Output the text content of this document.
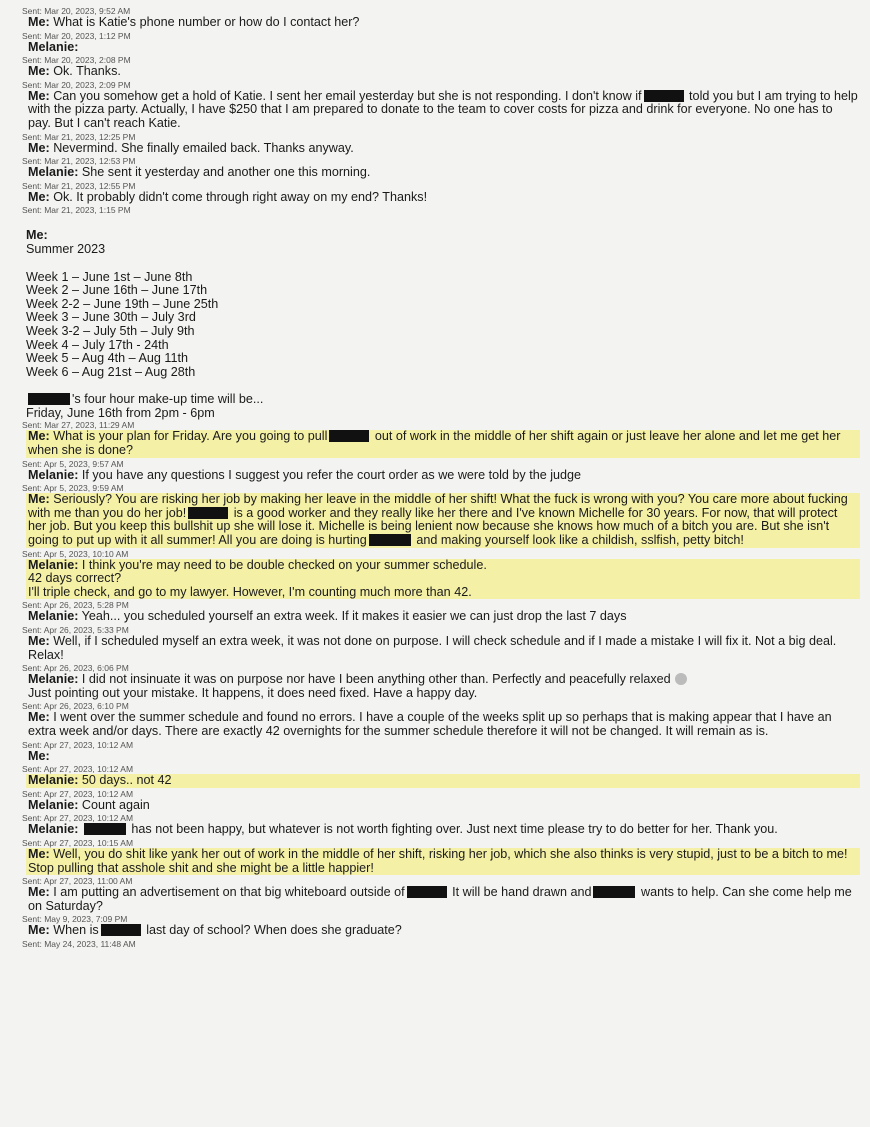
Sent: Mar 20, 2023, 9:52 AM
Me: What is Katie's phone number or how do I contact her?
Sent: Mar 20, 2023, 1:12 PM
Melanie:
Sent: Mar 20, 2023, 2:08 PM
Me: Ok. Thanks.
Sent: Mar 20, 2023, 2:09 PM
Me: Can you somehow get a hold of Katie. I sent her email yesterday but she is not responding. I don't know if	told you but I am trying to help with the pizza party. Actually, I have $250 that I am prepared to donate to the team to cover costs for pizza and drink for everyone. No one has to pay. But I can't reach Katie.
Sent: Mar 21, 2023, 12:25 PM
Me: Nevermind. She finally emailed back. Thanks anyway.
Sent: Mar 21, 2023, 12:53 PM
Melanie: She sent it yesterday and another one this morning.
Sent: Mar 21, 2023, 12:55 PM
Me: Ok. It probably didn't come through right away on my end? Thanks!
Sent: Mar 21, 2023, 1:15 PM
Me:
Summer 2023
Week 1 – June 1st – June 8th
Week 2 – June 16th – June 17th
Week 2-2 – June 19th – June 25th
Week 3 – June 30th – July 3rd
Week 3-2 – July 5th – July 9th
Week 4 – July 17th - 24th
Week 5 – Aug 4th – Aug 11th
Week 6 – Aug 21st – Aug 28th
's four hour make-up time will be...
Friday, June 16th from 2pm - 6pm
Sent: Mar 27, 2023, 11:29 AM
Me: What is your plan for Friday. Are you going to pull	out of work in the middle of her shift again or just leave her alone and let me get her when she is done?
Sent: Apr 5, 2023, 9:57 AM
Melanie: If you have any questions I suggest you refer the court order as we were told by the judge
Sent: Apr 5, 2023, 9:59 AM
Me: Seriously? You are risking her job by making her leave in the middle of her shift! What the fuck is wrong with you? You care more about fucking with me than you do her job!	is a good worker and they really like her there and I've known Michelle for 30 years. For now, that will protect her job. But you keep this bullshit up she will lose it. Michelle is being lenient now because she knows how much of a bitch you are. But she isn't going to put up with it all summer! All you are doing is hurting	and making yourself look like a childish, sslfish, petty bitch!
Sent: Apr 5, 2023, 10:10 AM
Melanie: I think you're may need to be double checked on your summer schedule.
42 days correct?
I'll triple check, and go to my lawyer. However, I'm counting much more than 42.
Sent: Apr 26, 2023, 5:28 PM
Melanie: Yeah... you scheduled yourself an extra week. If it makes it easier we can just drop the last 7 days
Sent: Apr 26, 2023, 5:33 PM
Me: Well, if I scheduled myself an extra week, it was not done on purpose. I will check schedule and if I made a mistake I will fix it. Not a big deal. Relax!
Sent: Apr 26, 2023, 6:06 PM
Melanie: I did not insinuate it was on purpose nor have I been anything other than. Perfectly and peacefully relaxed
Just pointing out your mistake. It happens, it does need fixed. Have a happy day.
Sent: Apr 26, 2023, 6:10 PM
Me: I went over the summer schedule and found no errors. I have a couple of the weeks split up so perhaps that is making appear that I have an extra week and/or days. There are exactly 42 overnights for the summer schedule therefore it will not be changed. It will remain as is.
Sent: Apr 27, 2023, 10:12 AM
Me:
Sent: Apr 27, 2023, 10:12 AM
Melanie: 50 days.. not 42
Sent: Apr 27, 2023, 10:12 AM
Melanie: Count again
Sent: Apr 27, 2023, 10:12 AM
Melanie:	has not been happy, but whatever is not worth fighting over. Just next time please try to do better for her. Thank you.
Sent: Apr 27, 2023, 10:15 AM
Me: Well, you do shit like yank her out of work in the middle of her shift, risking her job, which she also thinks is very stupid, just to be a bitch to me! Stop pulling that asshole shit and she might be a little happier!
Sent: Apr 27, 2023, 11:00 AM
Me: I am putting an advertisement on that big whiteboard outside of	It will be hand drawn and	wants to help. Can she come help me on Saturday?
Sent: May 9, 2023, 7:09 PM
Me: When is	last day of school? When does she graduate?
Sent: May 24, 2023, 11:48 AM
